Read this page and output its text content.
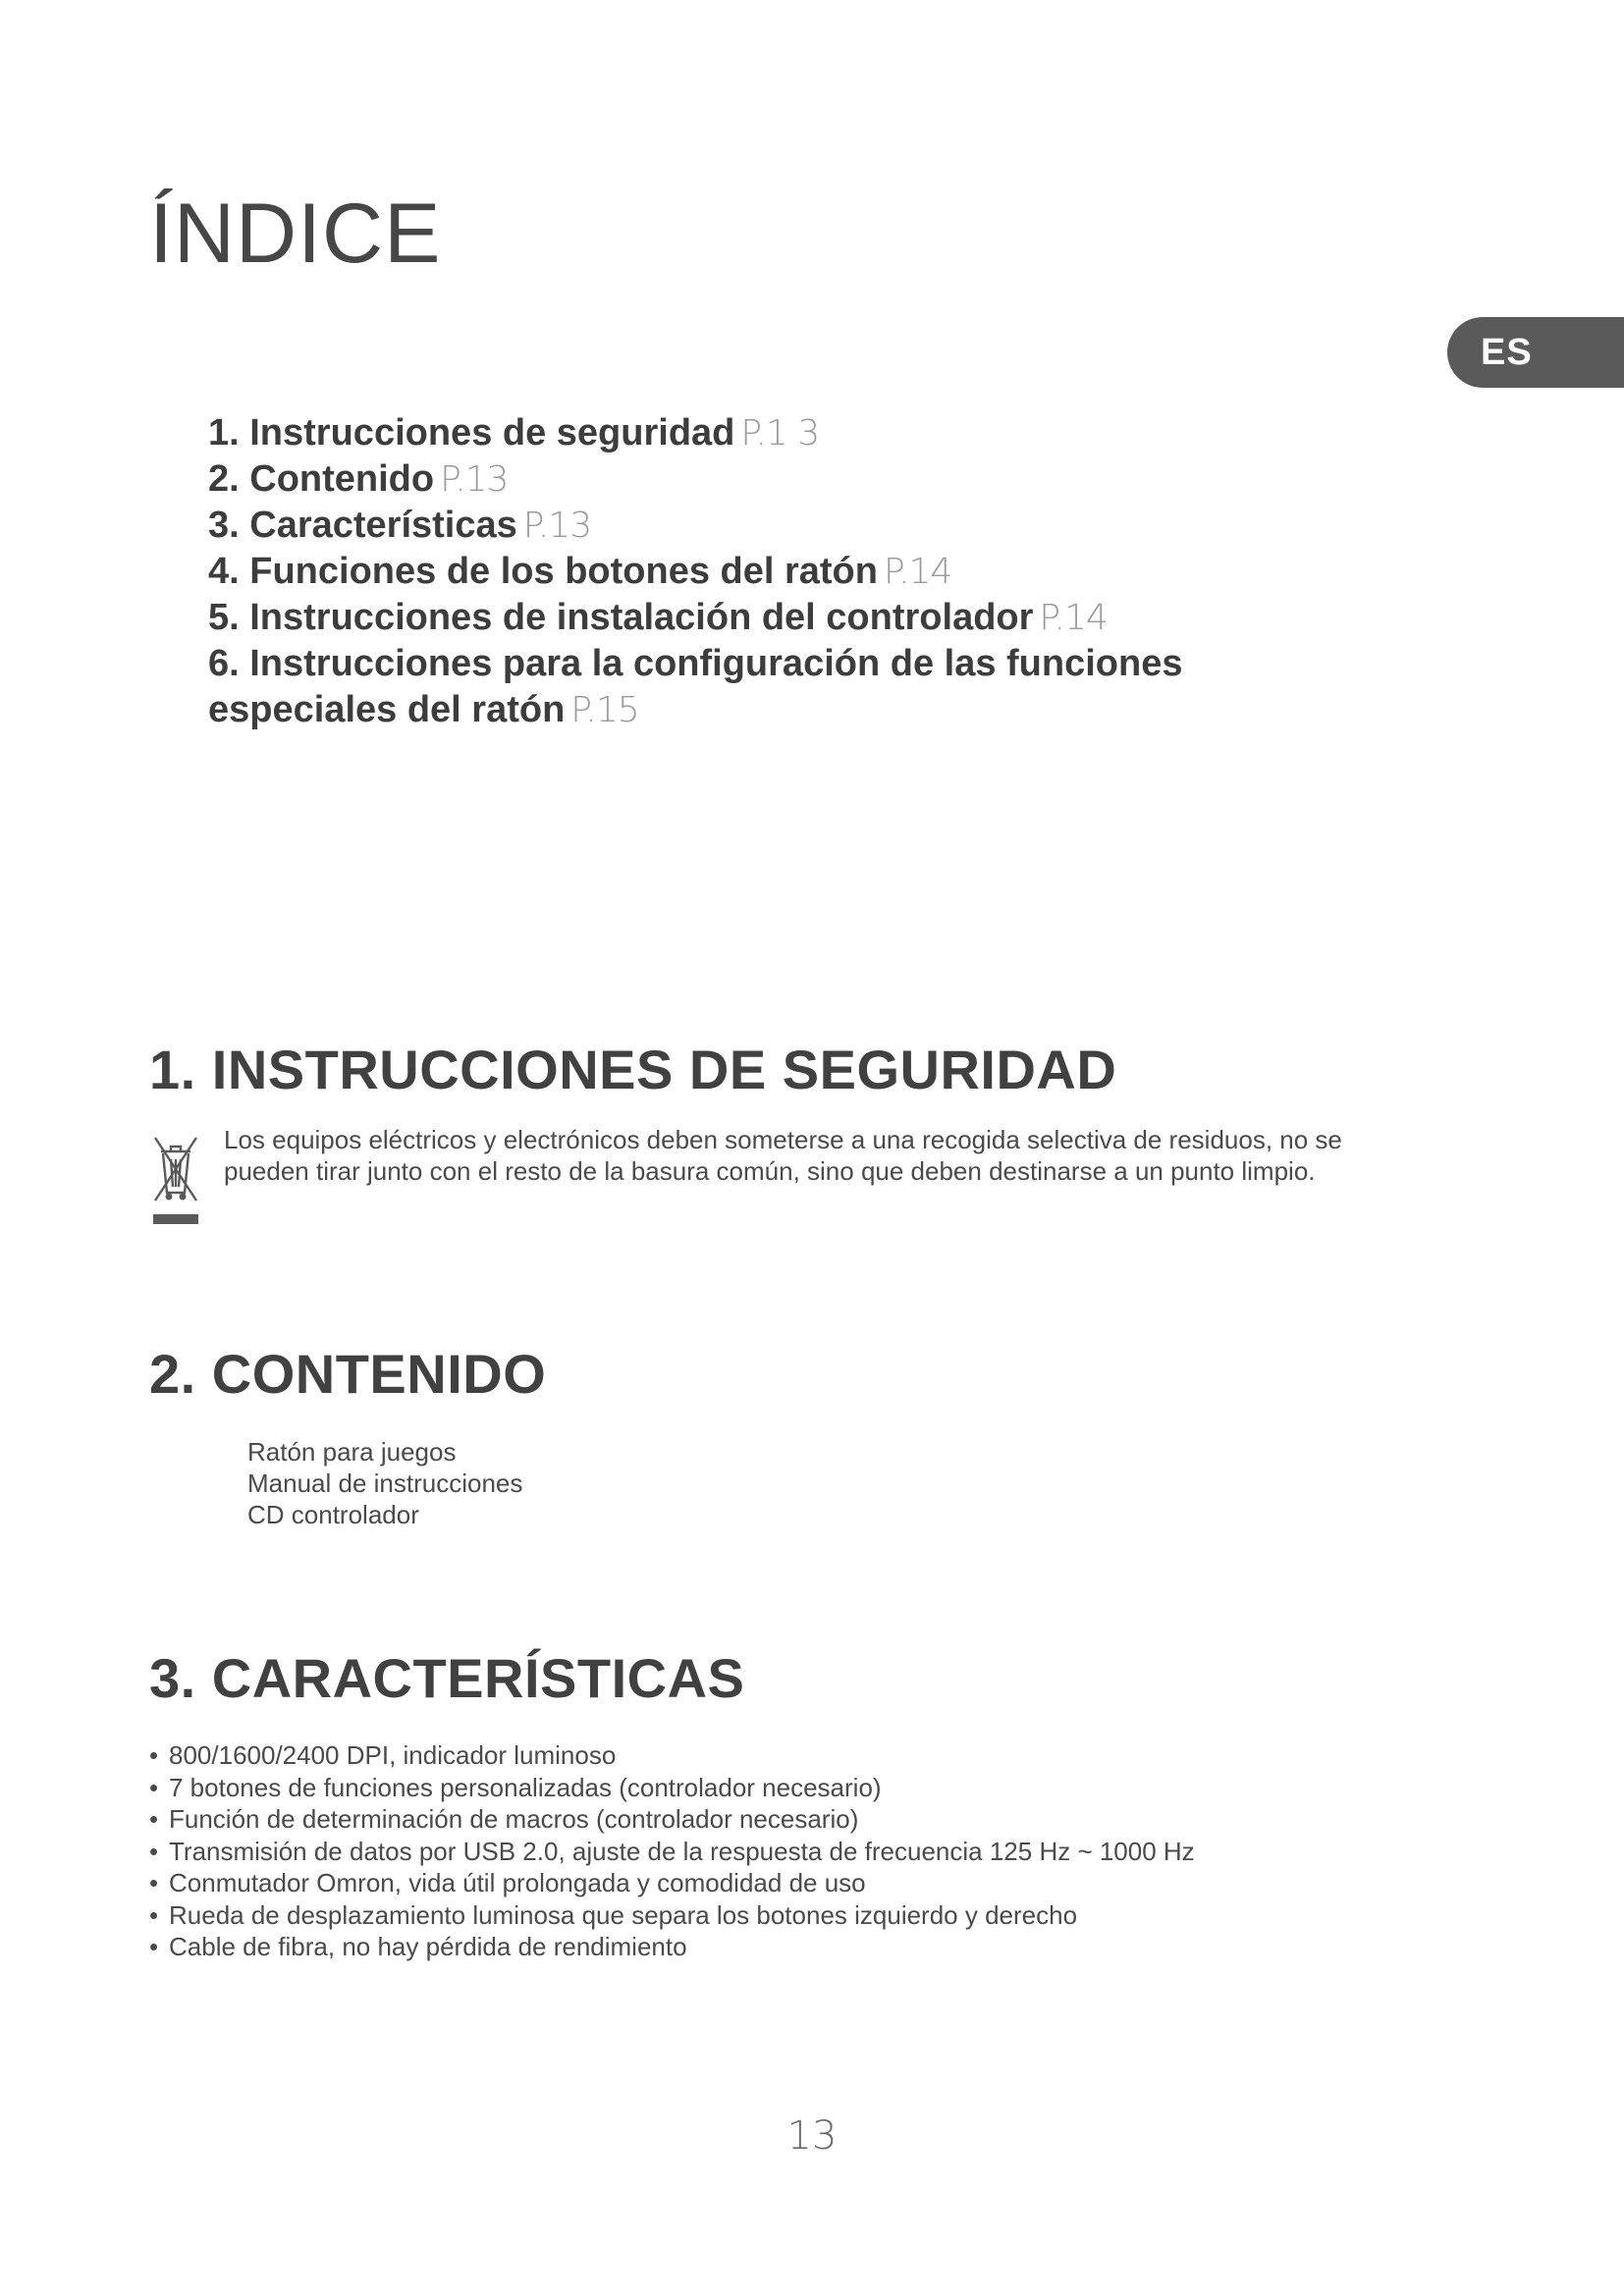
ÍNDICE
ES
1. Instrucciones de seguridad P.1 3
2. Contenido P.13
3. Características P.13
4. Funciones de los botones del ratón P.14
5. Instrucciones de instalación del controlador P.14
6. Instrucciones para la configuración de las funciones
especiales del ratón P.15
1. INSTRUCCIONES DE SEGURIDAD
Los equipos eléctricos y electrónicos deben someterse a una recogida selectiva de residuos, no se pueden tirar junto con el resto de la basura común, sino que deben destinarse a un punto limpio.
2. CONTENIDO
Ratón para juegos
Manual de instrucciones
CD controlador
3. CARACTERÍSTICAS
• 800/1600/2400 DPI, indicador luminoso
• 7 botones de funciones personalizadas (controlador necesario)
• Función de determinación de macros (controlador necesario)
• Transmisión de datos por USB 2.0, ajuste de la respuesta de frecuencia 125 Hz ~ 1000 Hz
• Conmutador Omron, vida útil prolongada y comodidad de uso
• Rueda de desplazamiento luminosa que separa los botones izquierdo y derecho
• Cable de fibra, no hay pérdida de rendimiento
13
